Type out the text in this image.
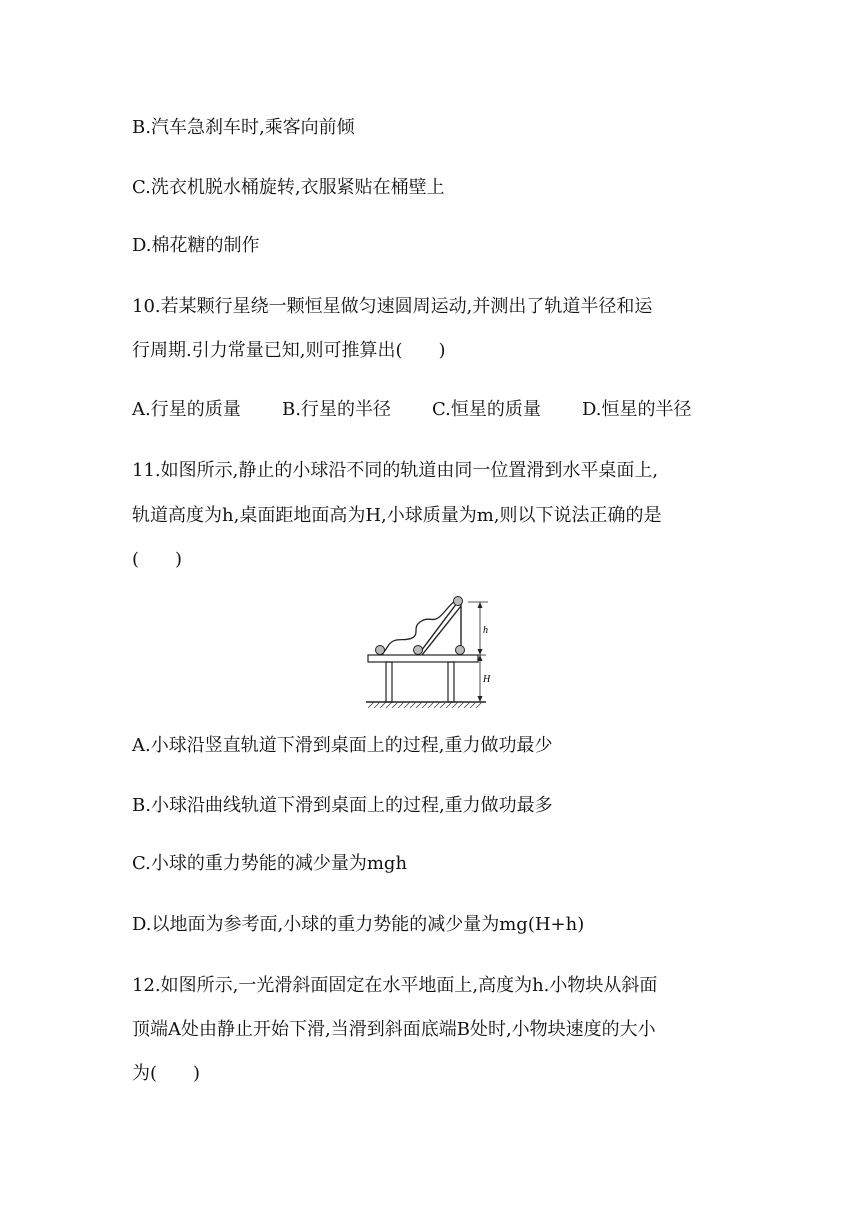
B.汽车急刹车时,乘客向前倾
C.洗衣机脱水桶旋转,衣服紧贴在桶壁上
D.棉花糖的制作
10.若某颗行星绕一颗恒星做匀速圆周运动,并测出了轨道半径和运
行周期.引力常量已知,则可推算出(　　)
A.行星的质量 B.行星的半径 C.恒星的质量 D.恒星的半径
11.如图所示,静止的小球沿不同的轨道由同一位置滑到水平桌面上,
轨道高度为h,桌面距地面高为H,小球质量为m,则以下说法正确的是
(　　)
h
H
A.小球沿竖直轨道下滑到桌面上的过程,重力做功最少
B.小球沿曲线轨道下滑到桌面上的过程,重力做功最多
C.小球的重力势能的减少量为mgh
D.以地面为参考面,小球的重力势能的减少量为mg(H+h)
12.如图所示,一光滑斜面固定在水平地面上,高度为h.小物块从斜面
顶端A处由静止开始下滑,当滑到斜面底端B处时,小物块速度的大小
为(　　)
